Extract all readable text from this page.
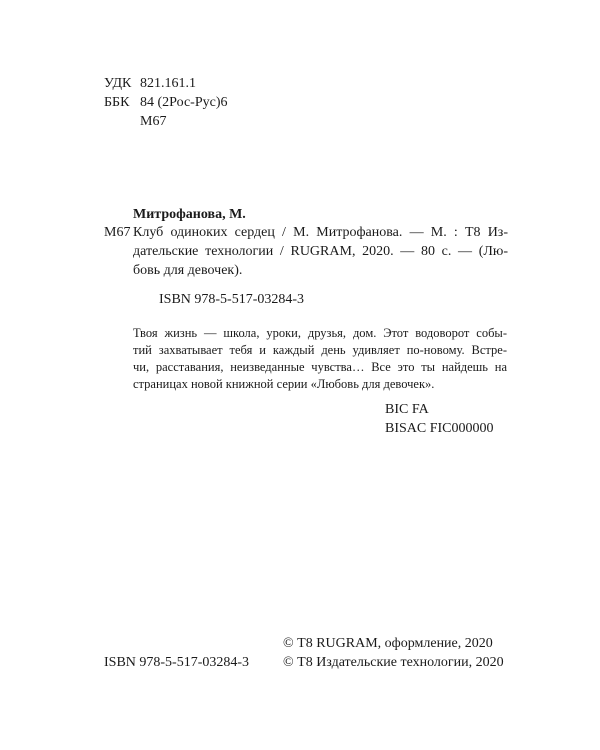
УДК 821.161.1
ББК 84 (2Рос-Рус)6
М67
Митрофанова, М.
М67 Клуб одиноких сердец / М. Митрофанова. — М. : Т8 Из-
дательские технологии / RUGRAM, 2020. — 80 с. — (Лю-
бовь для девочек).
ISBN 978-5-517-03284-3
Твоя жизнь — школа, уроки, друзья, дом. Этот водоворот собы-
тий захватывает тебя и каждый день удивляет по-новому. Встре-
чи, расставания, неизведанные чувства… Все это ты найдешь на
страницах новой книжной серии «Любовь для девочек».
BIC FA
BISAC FIC000000
© Т8 RUGRAM, оформление, 2020
© Т8 Издательские технологии, 2020
ISBN 978-5-517-03284-3
